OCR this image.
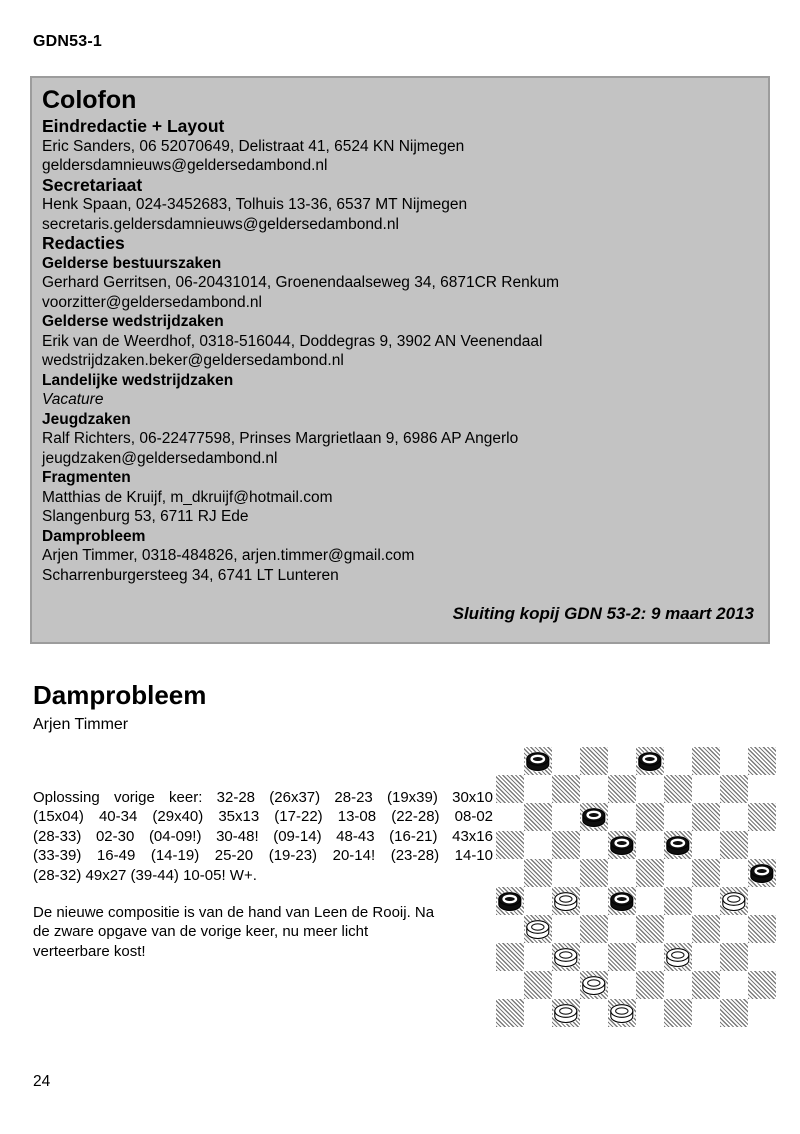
GDN53-1
Colofon
Eindredactie + Layout
Eric Sanders, 06 52070649, Delistraat 41, 6524 KN Nijmegen
geldersdamnieuws@geldersedambond.nl
Secretariaat
Henk Spaan, 024-3452683, Tolhuis 13-36, 6537 MT Nijmegen
secretaris.geldersdamnieuws@geldersedambond.nl
Redacties
Gelderse bestuurszaken
Gerhard Gerritsen, 06-20431014, Groenendaalseweg 34, 6871CR Renkum
voorzitter@geldersedambond.nl
Gelderse wedstrijdzaken
Erik van de Weerdhof, 0318-516044, Doddegras 9, 3902 AN Veenendaal
wedstrijdzaken.beker@geldersedambond.nl
Landelijke wedstrijdzaken
Vacature
Jeugdzaken
Ralf Richters, 06-22477598, Prinses Margrietlaan 9, 6986 AP Angerlo
jeugdzaken@geldersedambond.nl
Fragmenten
Matthias de Kruijf, m_dkruijf@hotmail.com
Slangenburg 53, 6711 RJ Ede
Damprobleem
Arjen Timmer, 0318-484826, arjen.timmer@gmail.com
Scharrenburgersteeg 34, 6741 LT Lunteren
Sluiting kopij GDN 53-2: 9 maart 2013
Damprobleem
Arjen Timmer
Oplossing vorige keer: 32-28 (26x37) 28-23 (19x39) 30x10
(15x04) 40-34 (29x40) 35x13 (17-22) 13-08 (22-28) 08-02
(28-33) 02-30 (04-09!) 30-48! (09-14) 48-43 (16-21) 43x16
(33-39) 16-49 (14-19) 25-20 (19-23) 20-14! (23-28) 14-10
(28-32) 49x27 (39-44) 10-05! W+.
De nieuwe compositie is van de hand van Leen de Rooij. Na
de zware opgave van de vorige keer, nu meer licht
verteerbare kost!
24
